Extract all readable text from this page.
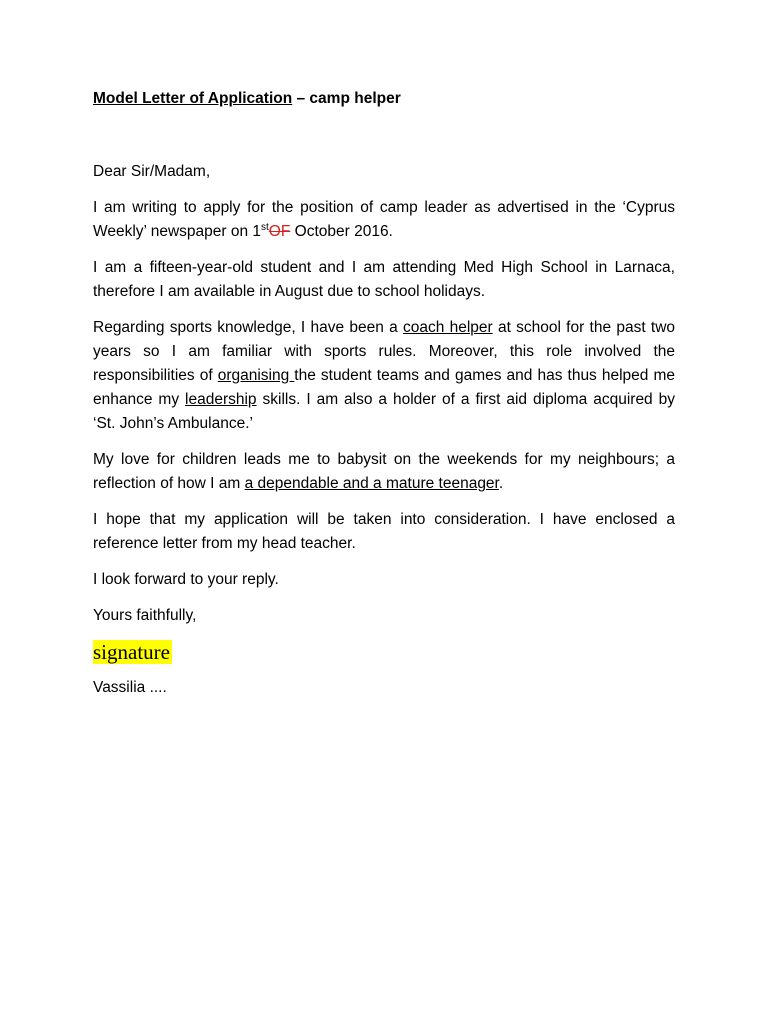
Model Letter of Application – camp helper

Dear Sir/Madam,

I am writing to apply for the position of camp leader as advertised in the ‘Cyprus Weekly’ newspaper on 1stOF October 2016.

I am a fifteen-year-old student and I am attending Med High School in Larnaca, therefore I am available in August due to school holidays.

Regarding sports knowledge, I have been a coach helper at school for the past two years so I am familiar with sports rules. Moreover, this role involved the responsibilities of organising the student teams and games and has thus helped me enhance my leadership skills. I am also a holder of a first aid diploma acquired by ‘St. John’s Ambulance.’

My love for children leads me to babysit on the weekends for my neighbours; a reflection of how I am a dependable and a mature teenager.

I hope that my application will be taken into consideration. I have enclosed a reference letter from my head teacher.

I look forward to your reply.

Yours faithfully,

signature

Vassilia ....
